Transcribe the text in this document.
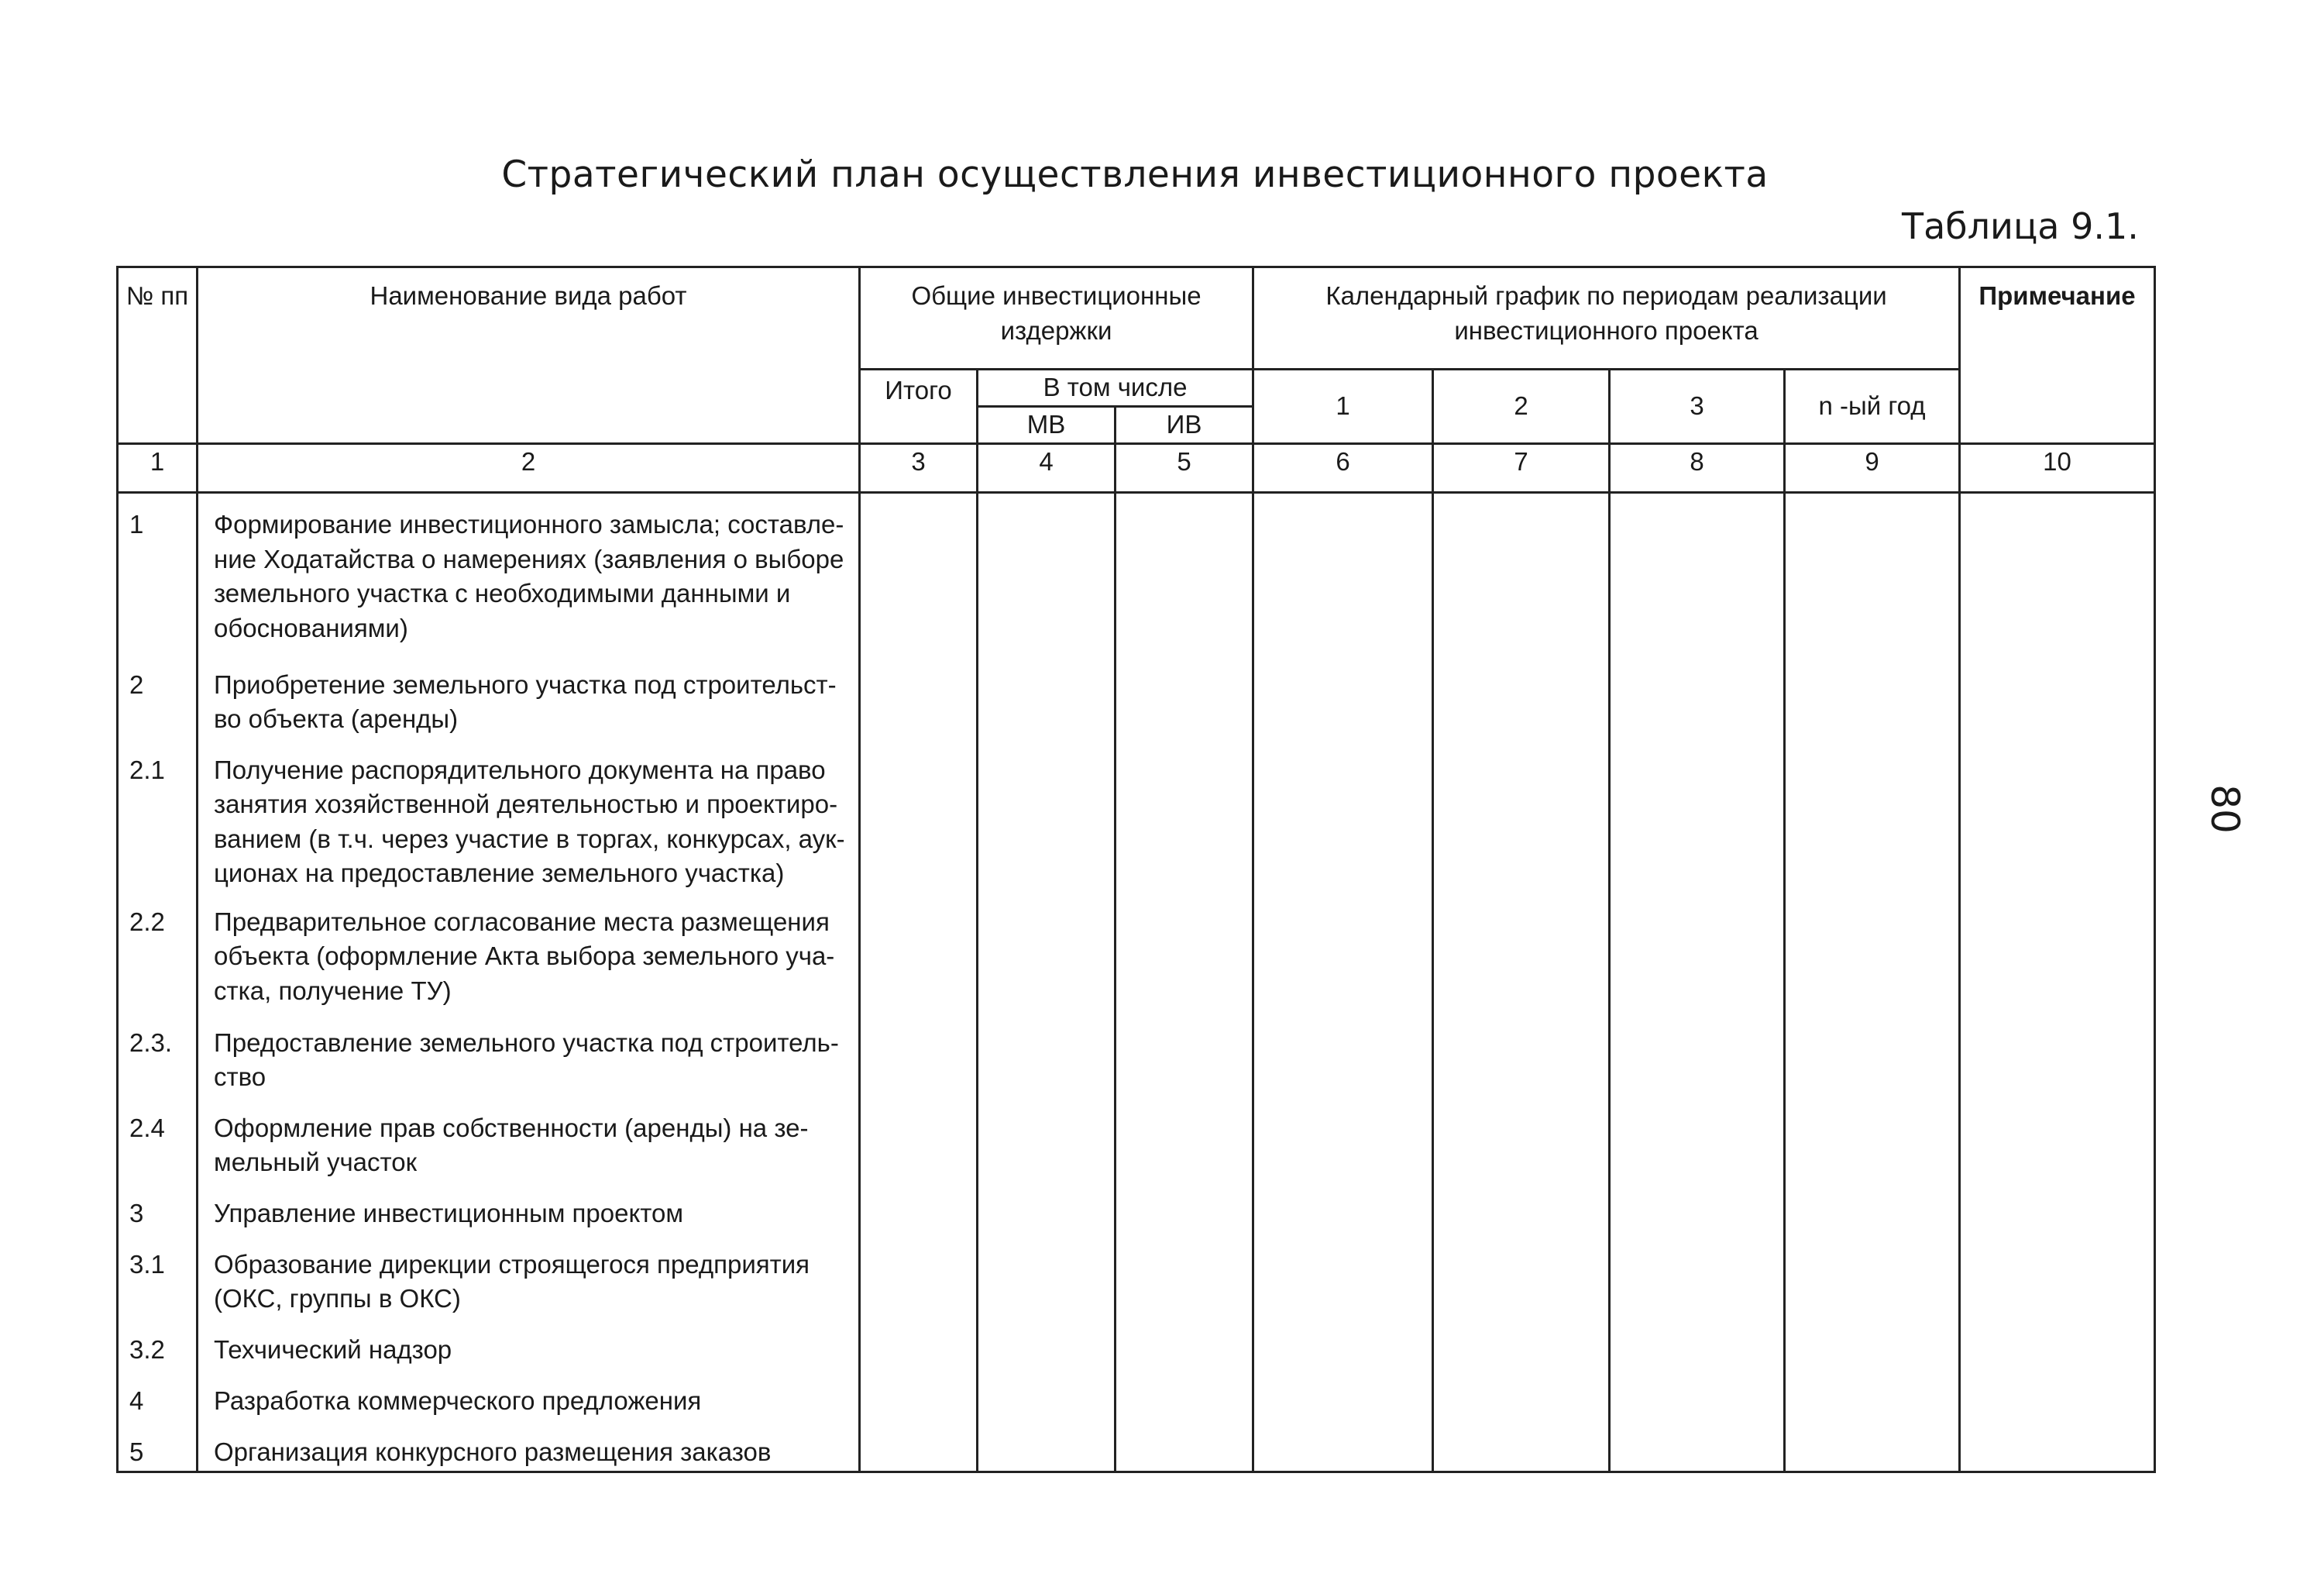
Стратегический план осуществления инвестиционного проекта
Таблица 9.1.
80
№ пп	Наименование вида работ	Общие инвестиционные издержки			Календарный график по периодам реализации инвестиционного проекта				Примечание
		Итого	В том числе		1	2	3	n -ый год	
			МВ	ИВ					
1	2	3	4	5	6	7	8	9	10
1	Формирование инвестиционного замысла; составле-ние Ходатайства о намерениях (заявления о выборе земельного участка с необходимыми данными и обоснованиями)								
2	Приобретение земельного участка под строительст-во объекта (аренды)								
2.1	Получение распорядительного документа на право занятия хозяйственной деятельностью и проектиро-ванием (в т.ч. через участие в торгах, конкурсах, аук-ционах на предоставление земельного участка)								
2.2	Предварительное согласование места размещения объекта (оформление Акта выбора земельного уча-стка, получение ТУ)								
2.3.	Предоставление земельного участка под строитель-ство								
2.4	Оформление прав собственности (аренды) на зе-мельный участок								
3	Управление инвестиционным проектом								
3.1	Образование дирекции строящегося предприятия (ОКС, группы в ОКС)								
3.2	Техчический надзор								
4	Разработка коммерческого предложения								
5	Организация конкурсного размещения заказов								
